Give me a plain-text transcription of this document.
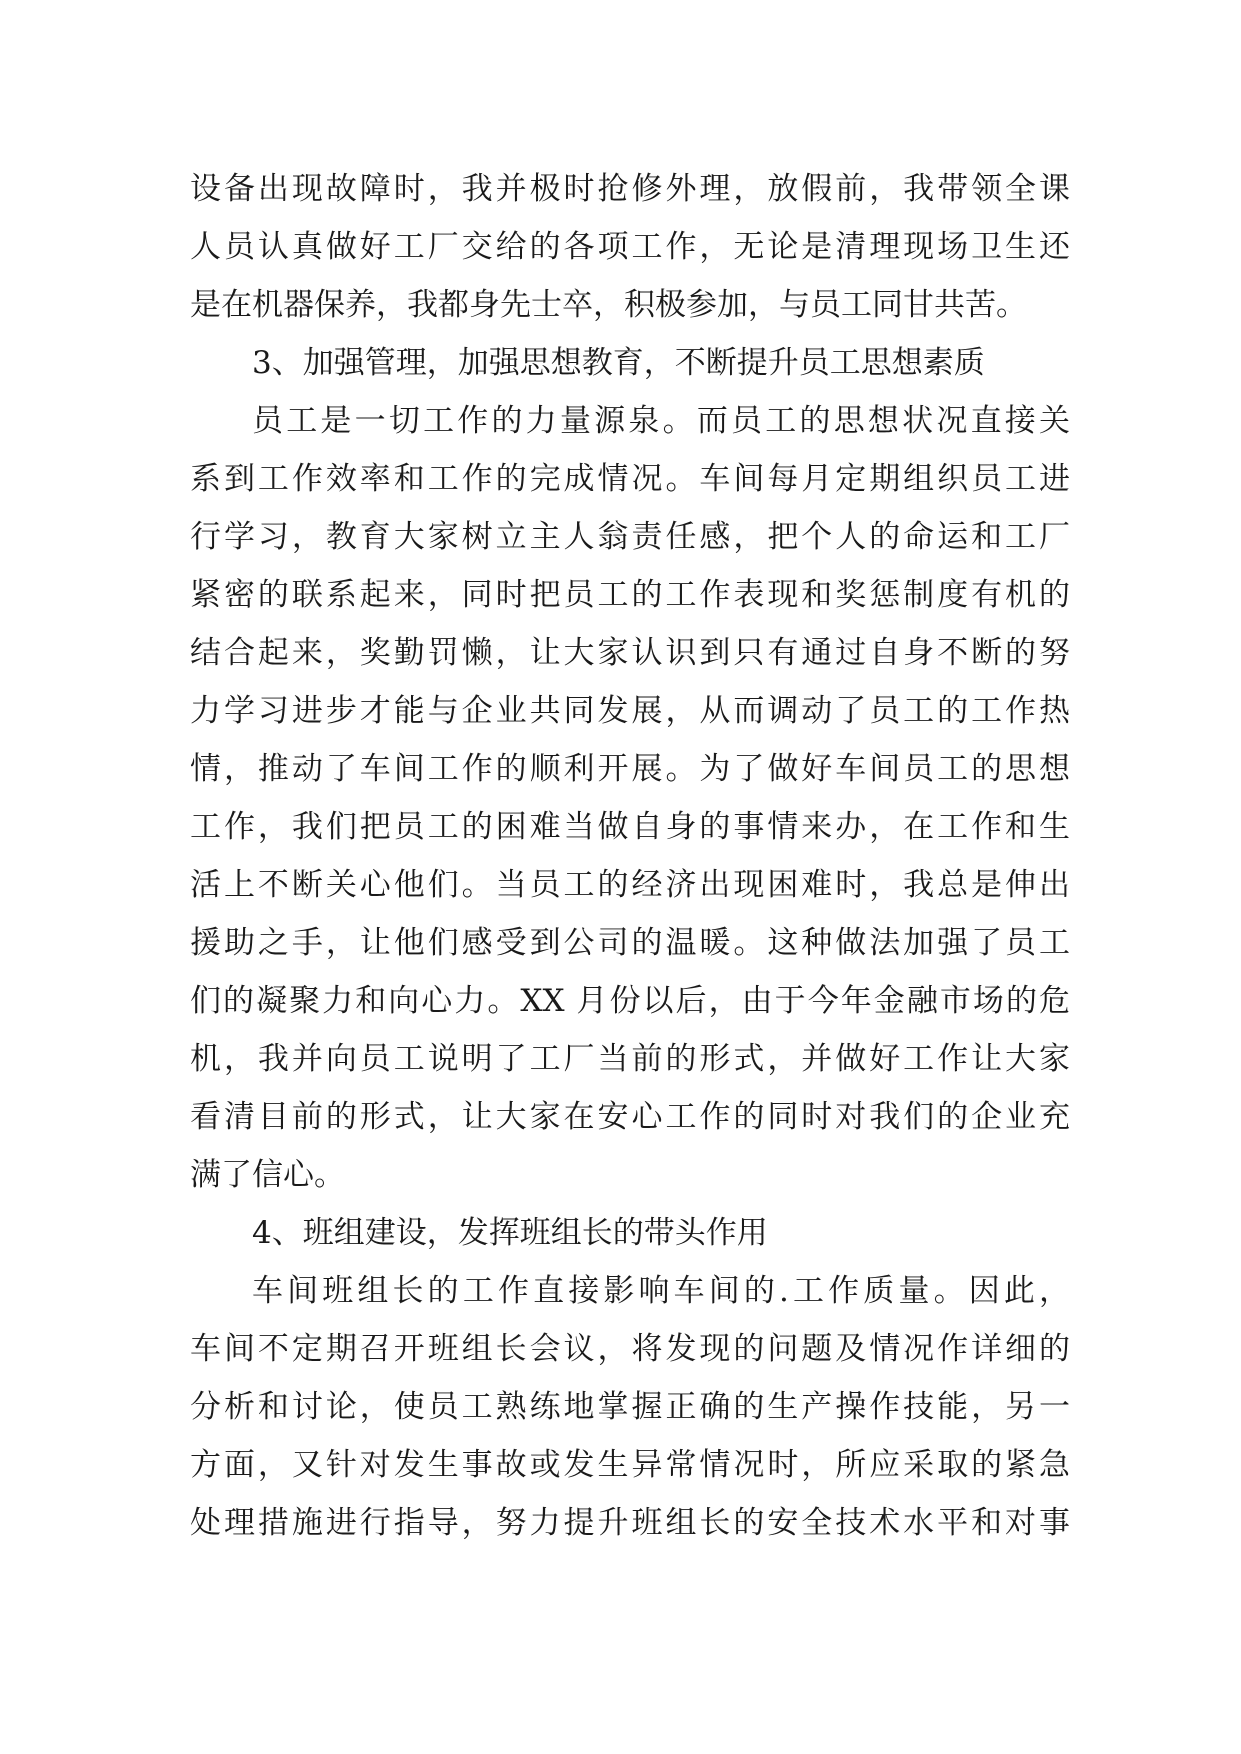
设备出现故障时，我并极时抢修外理，放假前，我带领全课
人员认真做好工厂交给的各项工作，无论是清理现场卫生还
是在机器保养，我都身先士卒，积极参加，与员工同甘共苦。
3、加强管理，加强思想教育，不断提升员工思想素质
员工是一切工作的力量源泉。而员工的思想状况直接关
系到工作效率和工作的完成情况。车间每月定期组织员工进
行学习，教育大家树立主人翁责任感，把个人的命运和工厂
紧密的联系起来，同时把员工的工作表现和奖惩制度有机的
结合起来，奖勤罚懒，让大家认识到只有通过自身不断的努
力学习进步才能与企业共同发展，从而调动了员工的工作热
情，推动了车间工作的顺利开展。为了做好车间员工的思想
工作，我们把员工的困难当做自身的事情来办，在工作和生
活上不断关心他们。当员工的经济出现困难时，我总是伸出
援助之手，让他们感受到公司的温暖。这种做法加强了员工
们的凝聚力和向心力。XX 月份以后，由于今年金融市场的危
机，我并向员工说明了工厂当前的形式，并做好工作让大家
看清目前的形式，让大家在安心工作的同时对我们的企业充
满了信心。
4、班组建设，发挥班组长的带头作用
车间班组长的工作直接影响车间的.工作质量。因此，
车间不定期召开班组长会议，将发现的问题及情况作详细的
分析和讨论，使员工熟练地掌握正确的生产操作技能，另一
方面，又针对发生事故或发生异常情况时，所应采取的紧急
处理措施进行指导，努力提升班组长的安全技术水平和对事
